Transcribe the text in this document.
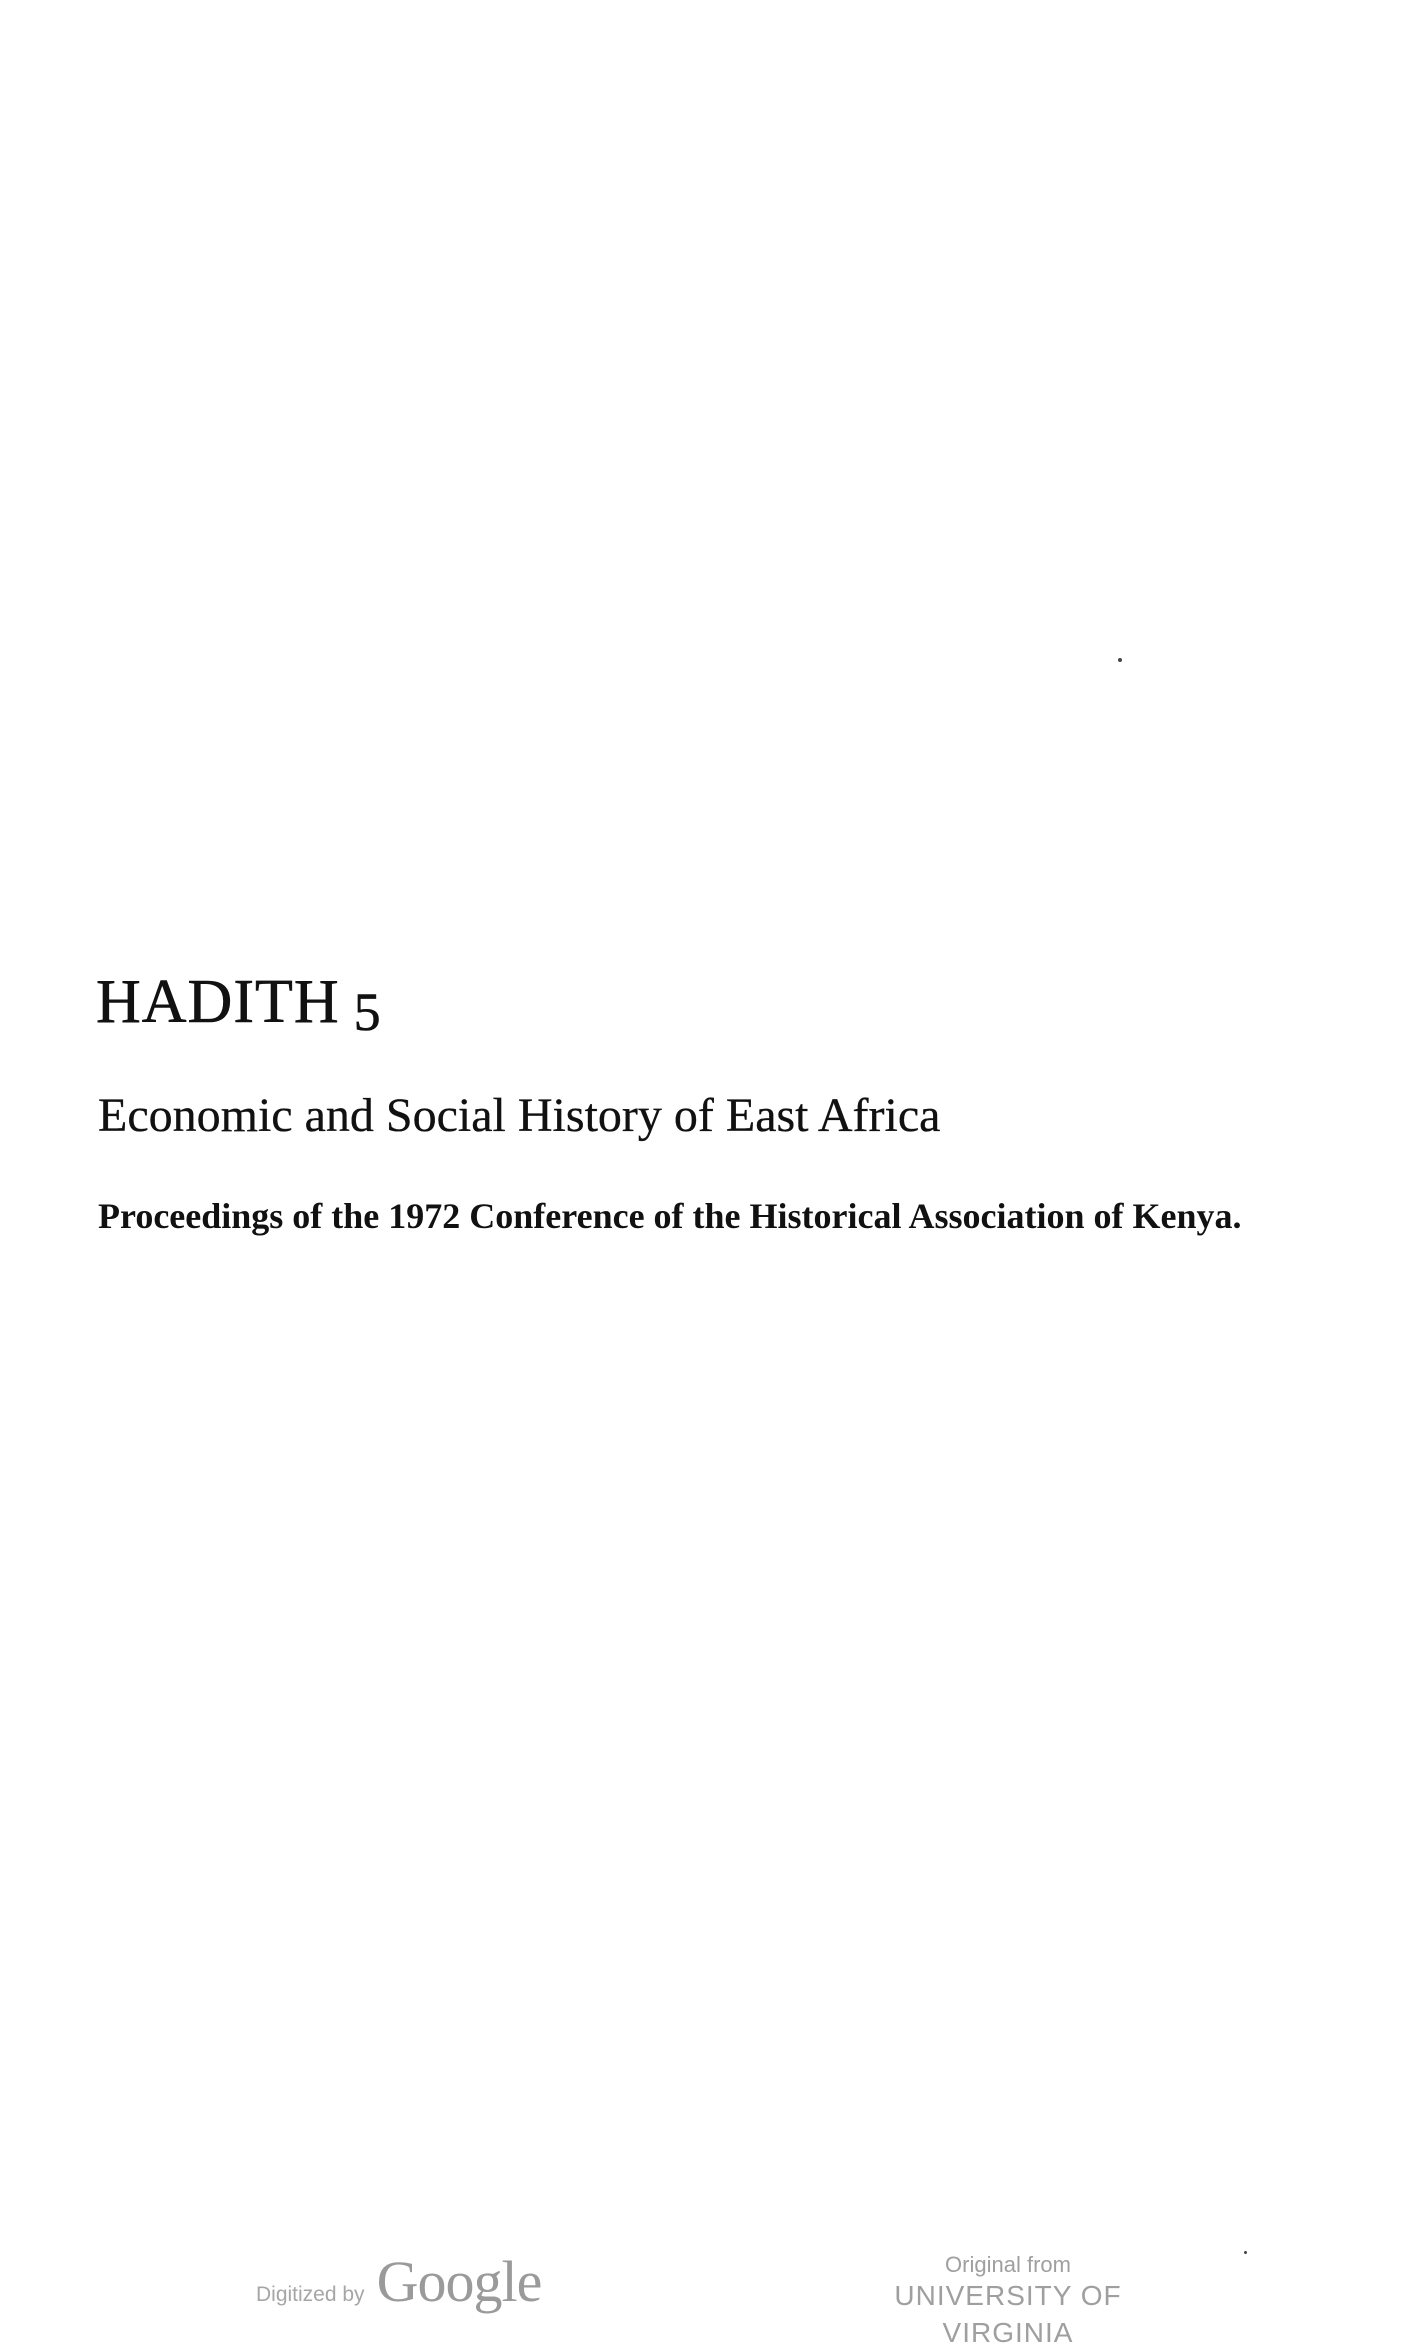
HADITH 5
Economic and Social History of East Africa
Proceedings of the 1972 Conference of the Historical Association of Kenya.
Digitized by Google	Original from
UNIVERSITY OF VIRGINIA
